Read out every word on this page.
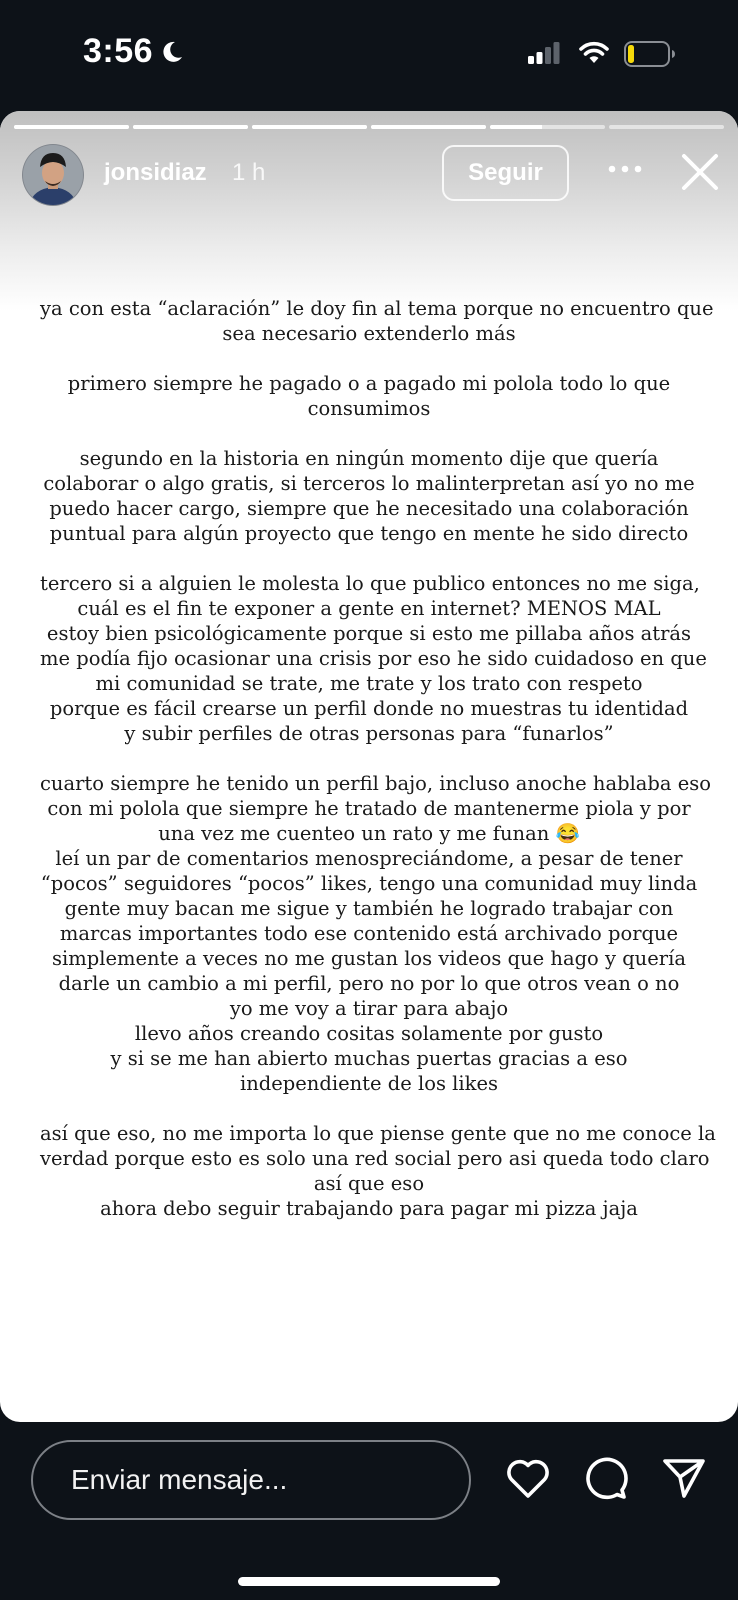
3:56
jonsidiaz 1 h	Seguir

ya con esta “aclaración” le doy fin al tema porque no encuentro que
sea necesario extenderlo más

primero siempre he pagado o a pagado mi polola todo lo que
consumimos

segundo en la historia en ningún momento dije que quería
colaborar o algo gratis, si terceros lo malinterpretan así yo no me
puedo hacer cargo, siempre que he necesitado una colaboración
puntual para algún proyecto que tengo en mente he sido directo

tercero si a alguien le molesta lo que publico entonces no me siga,
cuál es el fin te exponer a gente en internet? MENOS MAL
estoy bien psicológicamente porque si esto me pillaba años atrás
me podía fijo ocasionar una crisis por eso he sido cuidadoso en que
mi comunidad se trate, me trate y los trato con respeto
porque es fácil crearse un perfil donde no muestras tu identidad
y subir perfiles de otras personas para “funarlos”

cuarto siempre he tenido un perfil bajo, incluso anoche hablaba eso
con mi polola que siempre he tratado de mantenerme piola y por
una vez me cuenteo un rato y me funan 😂
leí un par de comentarios menospreciándome, a pesar de tener
“pocos” seguidores “pocos” likes, tengo una comunidad muy linda
gente muy bacan me sigue y también he logrado trabajar con
marcas importantes todo ese contenido está archivado porque
simplemente a veces no me gustan los videos que hago y quería
darle un cambio a mi perfil, pero no por lo que otros vean o no
yo me voy a tirar para abajo
llevo años creando cositas solamente por gusto
y si se me han abierto muchas puertas gracias a eso
independiente de los likes

así que eso, no me importa lo que piense gente que no me conoce la
verdad porque esto es solo una red social pero asi queda todo claro
así que eso
ahora debo seguir trabajando para pagar mi pizza jaja

Enviar mensaje...
